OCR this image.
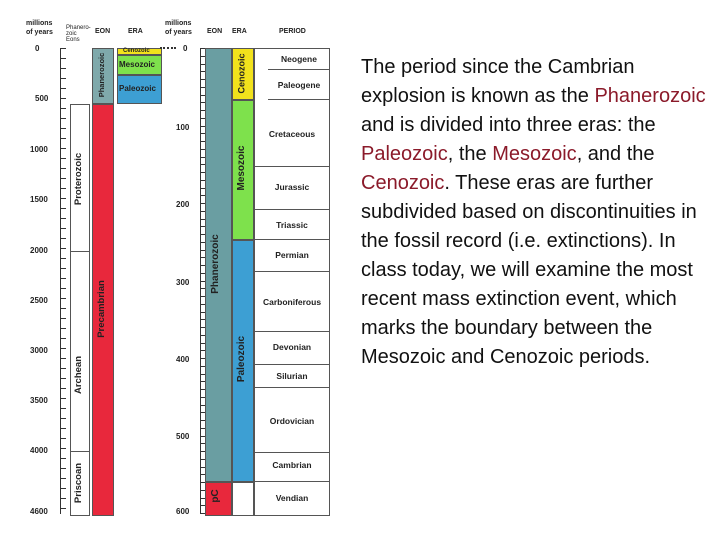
millions
of years
Phanero-
zoic
Eons
EON	ERA
0
500
1000
1500
2000
2500
3000
3500
4000
4600
Proterozoic
Archean
Priscoan
Phanerozoic
Precambrian
Cenozoic
Mesozoic
Paleozoic
millions
of years EON ERA	PERIOD
0
100
200
300
400
500
600
Phanerozoic
pC
Cenozoic
Mesozoic
Paleozoic
Neogene
Paleogene
Cretaceous
Jurassic
Triassic
Permian
Carboniferous
Devonian
Silurian
Ordovician
Cambrian
Vendian
The period since the Cambrian explosion is known as the Phanerozoic and is divided into three eras: the Paleozoic, the Mesozoic, and the Cenozoic. These eras are further subdivided based on discontinuities in the fossil record (i.e. extinctions). In class today, we will examine the most recent mass extinction event, which marks the boundary between the Mesozoic and Cenozoic periods.
